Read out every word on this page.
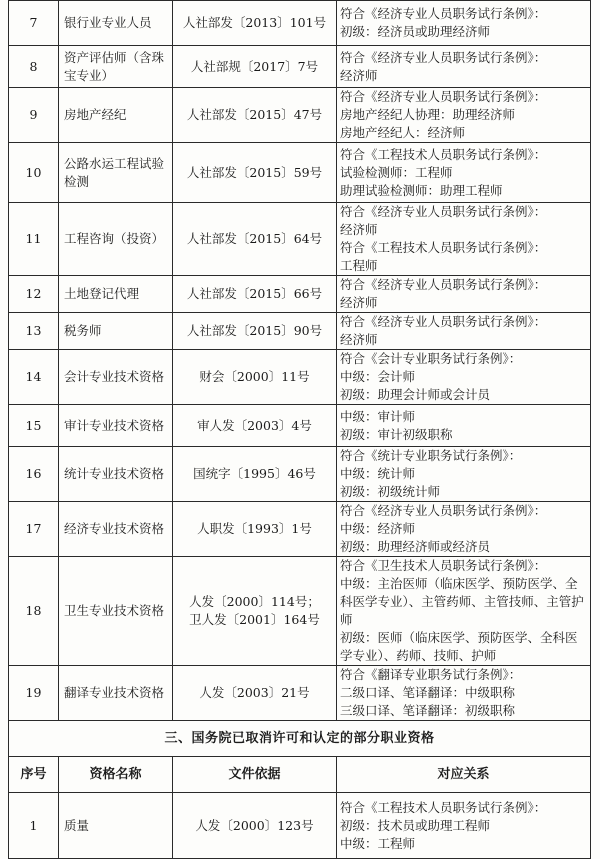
7	银行业专业人员	人社部发〔2013〕101号	符合《经济专业人员职务试行条例》：
初级：经济员或助理经济师

8	资产评估师（含珠宝专业）	人社部规〔2017〕7号	符合《经济专业人员职务试行条例》：
经济师

9	房地产经纪	人社部发〔2015〕47号	符合《经济专业人员职务试行条例》：
房地产经纪人协理：助理经济师
房地产经纪人：经济师

10	公路水运工程试验检测	人社部发〔2015〕59号	符合《工程技术人员职务试行条例》：
试验检测师：工程师
助理试验检测师：助理工程师

11	工程咨询（投资）	人社部发〔2015〕64号	符合《经济专业人员职务试行条例》：
经济师
符合《工程技术人员职务试行条例》：
工程师

12	土地登记代理	人社部发〔2015〕66号	符合《经济专业人员职务试行条例》：
经济师

13	税务师	人社部发〔2015〕90号	符合《经济专业人员职务试行条例》：
经济师

14	会计专业技术资格	财会〔2000〕11号	符合《会计专业职务试行条例》：
中级：会计师
初级：助理会计师或会计员

15	审计专业技术资格	审人发〔2003〕4号	中级：审计师
初级：审计初级职称

16	统计专业技术资格	国统字〔1995〕46号	符合《统计专业职务试行条例》：
中级：统计师
初级：初级统计师

17	经济专业技术资格	人职发〔1993〕1号	符合《经济专业人员职务试行条例》：
中级：经济师
初级：助理经济师或经济员

18	卫生专业技术资格	人发〔2000〕114号；
卫人发〔2001〕164号	符合《卫生技术人员职务试行条例》：
中级：主治医师（临床医学、预防医学、全科医学专业）、主管药师、主管技师、主管护师
初级：医师（临床医学、预防医学、全科医学专业）、药师、技师、护师

19	翻译专业技术资格	人发〔2003〕21号	符合《翻译专业职务试行条例》：
二级口译、笔译翻译：中级职称
三级口译、笔译翻译：初级职称

三、国务院已取消许可和认定的部分职业资格			
序号	资格名称	文件依据	对应关系
1	质量	人发〔2000〕123号	符合《工程技术人员职务试行条例》：
初级：技术员或助理工程师
中级：工程师
